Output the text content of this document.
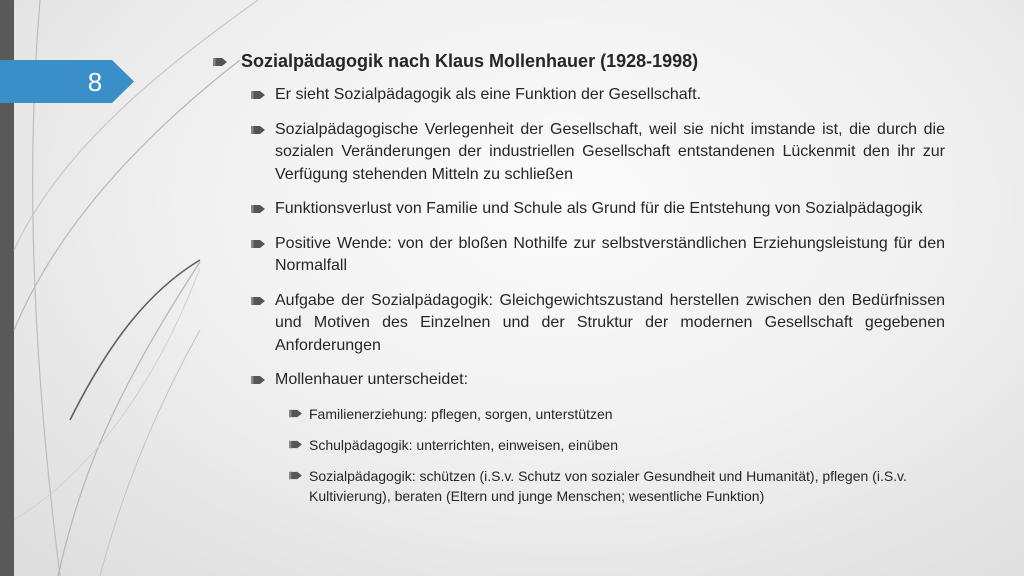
8
Sozialpädagogik nach Klaus Mollenhauer (1928-1998)
Er sieht Sozialpädagogik als eine Funktion der Gesellschaft.
Sozialpädagogische Verlegenheit der Gesellschaft, weil sie nicht imstande ist, die durch die sozialen Veränderungen der industriellen Gesellschaft entstandenen Lückenmit den ihr zur Verfügung stehenden Mitteln zu schließen
Funktionsverlust von Familie und Schule als Grund für die Entstehung von Sozialpädagogik
Positive Wende: von der bloßen Nothilfe zur selbstverständlichen Erziehungsleistung für den Normalfall
Aufgabe der Sozialpädagogik: Gleichgewichtszustand herstellen zwischen den Bedürfnissen und Motiven des Einzelnen und der Struktur der modernen Gesellschaft gegebenen Anforderungen
Mollenhauer unterscheidet:
Familienerziehung: pflegen, sorgen, unterstützen
Schulpädagogik: unterrichten, einweisen, einüben
Sozialpädagogik: schützen (i.S.v. Schutz von sozialer Gesundheit und Humanität), pflegen (i.S.v. Kultivierung), beraten (Eltern und junge Menschen; wesentliche Funktion)
